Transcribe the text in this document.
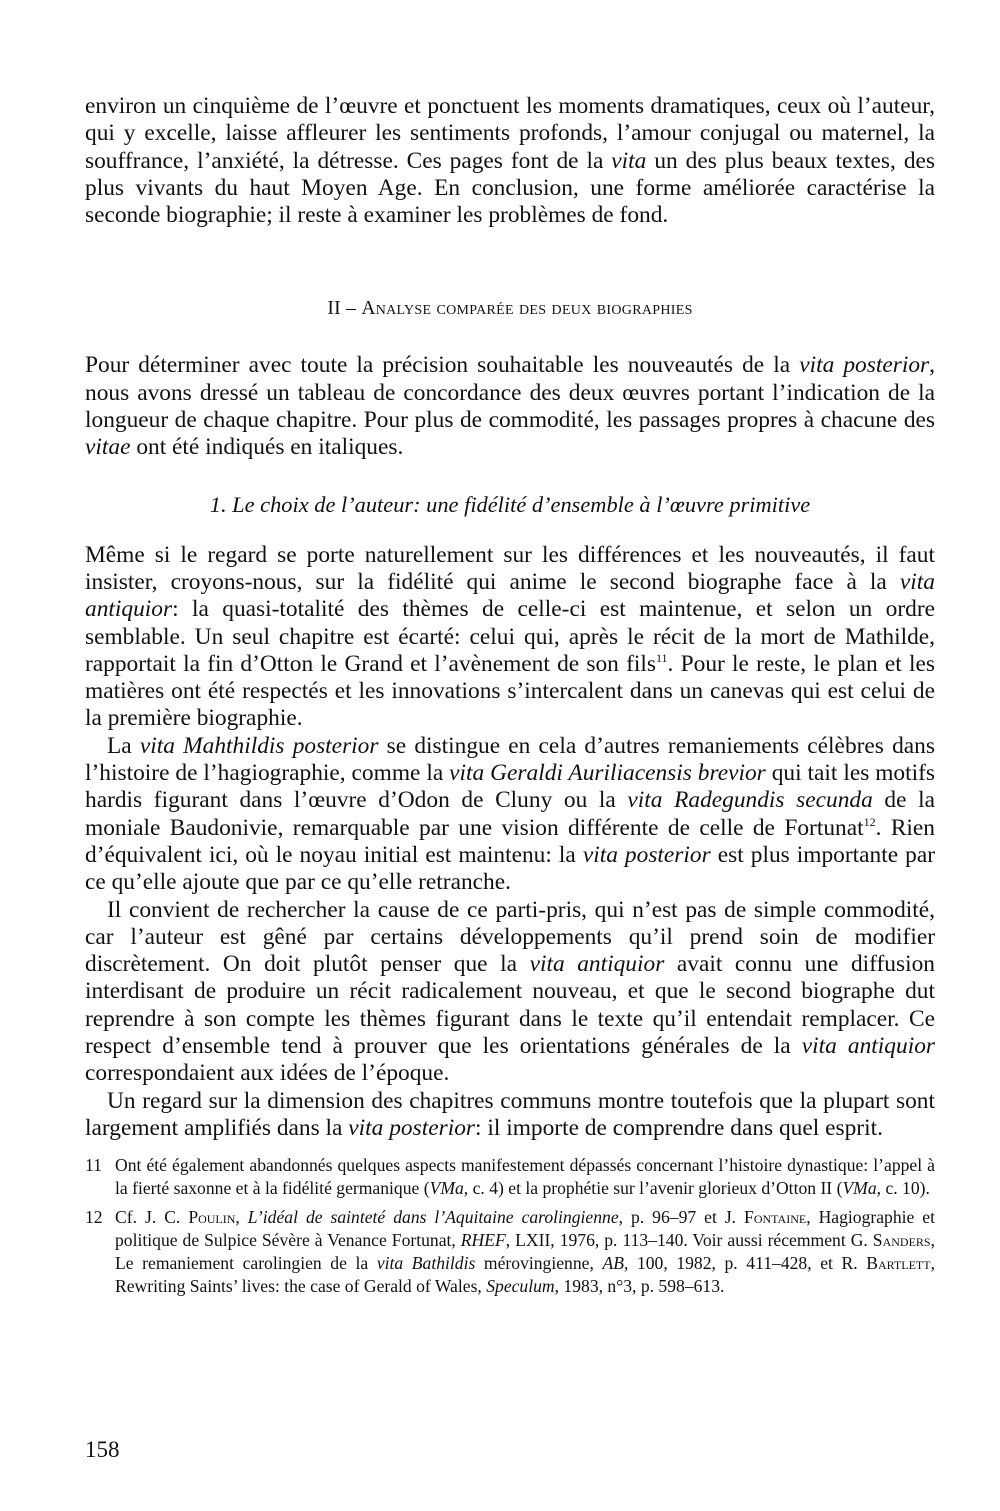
environ un cinquième de l’œuvre et ponctuent les moments dramatiques, ceux où l’auteur, qui y excelle, laisse affleurer les sentiments profonds, l’amour conjugal ou maternel, la souffrance, l’anxiété, la détresse. Ces pages font de la vita un des plus beaux textes, des plus vivants du haut Moyen Age. En conclusion, une forme améliorée caractérise la seconde biographie; il reste à examiner les problèmes de fond.

II – Analyse comparée des deux biographies

Pour déterminer avec toute la précision souhaitable les nouveautés de la vita posterior, nous avons dressé un tableau de concordance des deux œuvres portant l’indication de la longueur de chaque chapitre. Pour plus de commodité, les passages propres à chacune des vitae ont été indiqués en italiques.

1. Le choix de l’auteur: une fidélité d’ensemble à l’œuvre primitive

Même si le regard se porte naturellement sur les différences et les nouveautés, il faut insister, croyons-nous, sur la fidélité qui anime le second biographe face à la vita antiquior: la quasi-totalité des thèmes de celle-ci est maintenue, et selon un ordre semblable. Un seul chapitre est écarté: celui qui, après le récit de la mort de Mathilde, rapportait la fin d’Otton le Grand et l’avènement de son fils$^{11}$. Pour le reste, le plan et les matières ont été respectés et les innovations s’intercalent dans un canevas qui est celui de la première biographie.

La vita Mahthildis posterior se distingue en cela d’autres remaniements célèbres dans l’histoire de l’hagiographie, comme la vita Geraldi Auriliacensis brevior qui tait les motifs hardis figurant dans l’œuvre d’Odon de Cluny ou la vita Radegundis secunda de la moniale Baudonivie, remarquable par une vision différente de celle de Fortunat$^{12}$. Rien d’équivalent ici, où le noyau initial est maintenu: la vita posterior est plus importante par ce qu’elle ajoute que par ce qu’elle retranche.

Il convient de rechercher la cause de ce parti-pris, qui n’est pas de simple commodité, car l’auteur est gêné par certains développements qu’il prend soin de modifier discrètement. On doit plutôt penser que la vita antiquior avait connu une diffusion interdisant de produire un récit radicalement nouveau, et que le second biographe dut reprendre à son compte les thèmes figurant dans le texte qu’il entendait remplacer. Ce respect d’ensemble tend à prouver que les orientations générales de la vita antiquior correspondaient aux idées de l’époque.

Un regard sur la dimension des chapitres communs montre toutefois que la plupart sont largement amplifiés dans la vita posterior: il importe de comprendre dans quel esprit.

11 Ont été également abandonnés quelques aspects manifestement dépassés concernant l’histoire dynastique: l’appel à la fierté saxonne et à la fidélité germanique (VMa, c. 4) et la prophétie sur l’avenir glorieux d’Otton II (VMa, c. 10).

12 Cf. J. C. Poulin, L’idéal de sainteté dans l’Aquitaine carolingienne, p. 96–97 et J. Fontaine, Hagiographie et politique de Sulpice Sévère à Venance Fortunat, RHEF, LXII, 1976, p. 113–140. Voir aussi récemment G. Sanders, Le remaniement carolingien de la vita Bathildis mérovingienne, AB, 100, 1982, p. 411–428, et R. Bartlett, Rewriting Saints’ lives: the case of Gerald of Wales, Speculum, 1983, n°3, p. 598–613.

158
